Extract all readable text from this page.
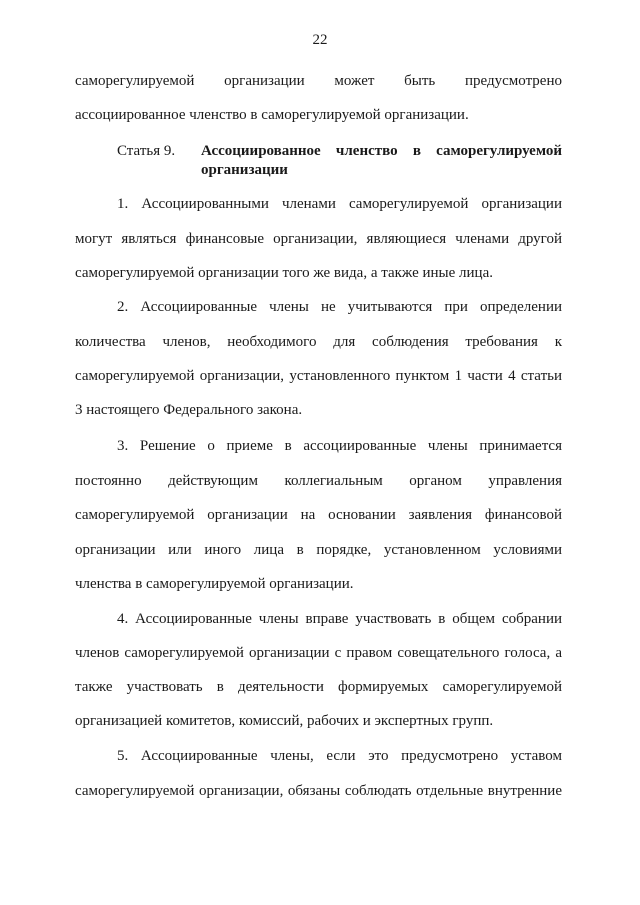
22
саморегулируемой организации может быть предусмотрено
ассоциированное членство в саморегулируемой организации.
Статья 9. Ассоциированное членство в саморегулируемой
организации
1. Ассоциированными членами саморегулируемой организации
могут являться финансовые организации, являющиеся членами другой
саморегулируемой организации того же вида, а также иные лица.
2. Ассоциированные члены не учитываются при определении
количества членов, необходимого для соблюдения требования к
саморегулируемой организации, установленного пунктом 1 части 4 статьи
3 настоящего Федерального закона.
3. Решение о приеме в ассоциированные члены принимается
постоянно действующим коллегиальным органом управления
саморегулируемой организации на основании заявления финансовой
организации или иного лица в порядке, установленном условиями
членства в саморегулируемой организации.
4. Ассоциированные члены вправе участвовать в общем собрании
членов саморегулируемой организации с правом совещательного голоса, а
также участвовать в деятельности формируемых саморегулируемой
организацией комитетов, комиссий, рабочих и экспертных групп.
5. Ассоциированные члены, если это предусмотрено уставом
саморегулируемой организации, обязаны соблюдать отдельные внутренние
